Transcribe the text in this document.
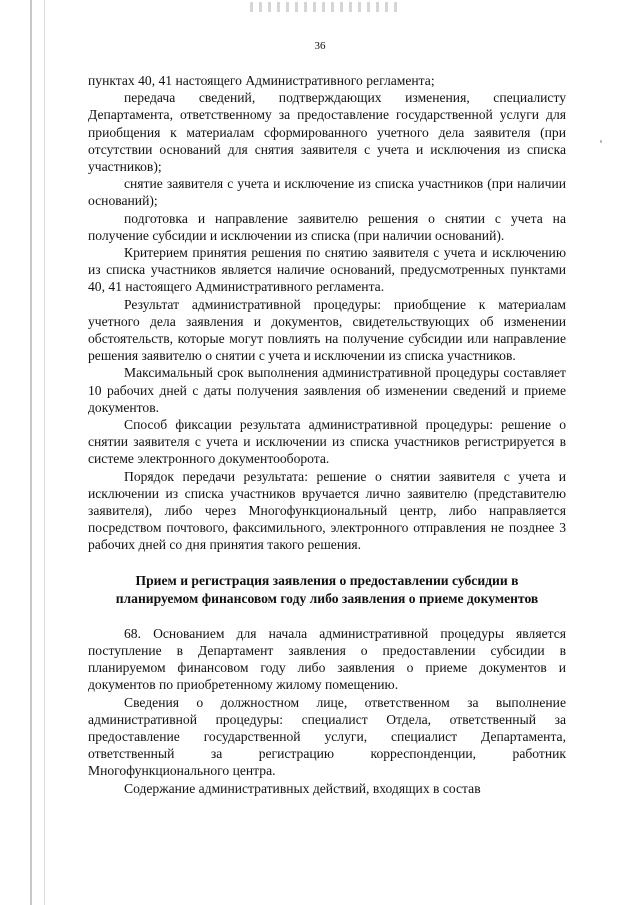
36

пунктах 40, 41 настоящего Административного регламента;

передача сведений, подтверждающих изменения, специалисту Департамента, ответственному за предоставление государственной услуги для приобщения к материалам сформированного учетного дела заявителя (при отсутствии оснований для снятия заявителя с учета и исключения из списка участников);

снятие заявителя с учета и исключение из списка участников (при наличии оснований);

подготовка и направление заявителю решения о снятии с учета на получение субсидии и исключении из списка (при наличии оснований).

Критерием принятия решения по снятию заявителя с учета и исключению из списка участников является наличие оснований, предусмотренных пунктами 40, 41 настоящего Административного регламента.

Результат административной процедуры: приобщение к материалам учетного дела заявления и документов, свидетельствующих об изменении обстоятельств, которые могут повлиять на получение субсидии или направление решения заявителю о снятии с учета и исключении из списка участников.

Максимальный срок выполнения административной процедуры составляет 10 рабочих дней с даты получения заявления об изменении сведений и приеме документов.

Способ фиксации результата административной процедуры: решение о снятии заявителя с учета и исключении из списка участников регистрируется в системе электронного документооборота.

Порядок передачи результата: решение о снятии заявителя с учета и исключении из списка участников вручается лично заявителю (представителю заявителя), либо через Многофункциональный центр, либо направляется посредством почтового, факсимильного, электронного отправления не позднее 3 рабочих дней со дня принятия такого решения.

Прием и регистрация заявления о предоставлении субсидии в
планируемом финансовом году либо заявления о приеме документов

68. Основанием для начала административной процедуры является поступление в Департамент заявления о предоставлении субсидии в планируемом финансовом году либо заявления о приеме документов и документов по приобретенному жилому помещению.

Сведения о должностном лице, ответственном за выполнение административной процедуры: специалист Отдела, ответственный за предоставление государственной услуги, специалист Департамента, ответственный за регистрацию корреспонденции, работник Многофункционального центра.

Содержание административных действий, входящих в состав
